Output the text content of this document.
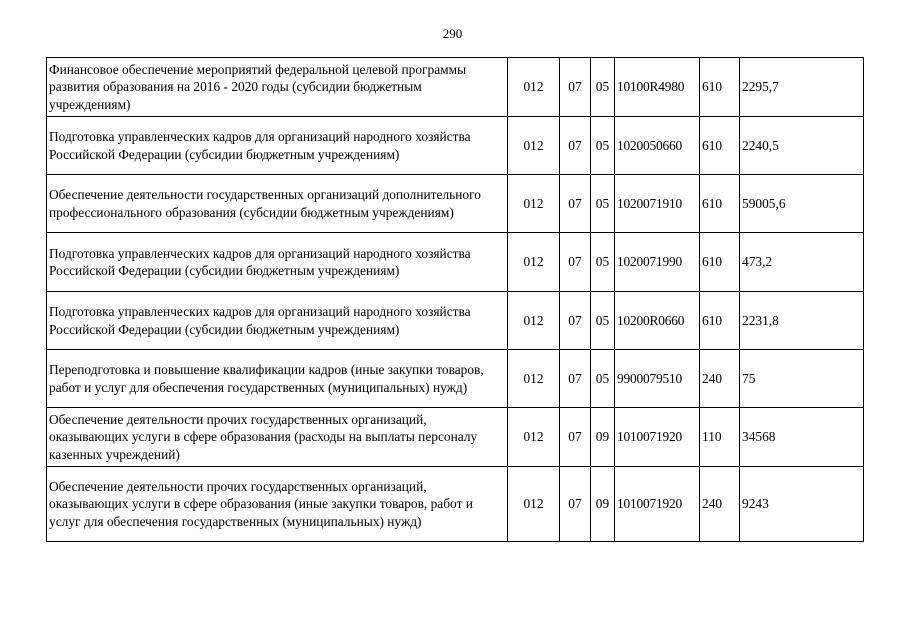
290
Финансовое обеспечение мероприятий федеральной целевой программы развития образования на 2016 - 2020 годы (субсидии бюджетным учреждениям)	012	07	05	10100R4980	610	2295,7
Подготовка управленческих кадров для организаций народного хозяйства Российской Федерации (субсидии бюджетным учреждениям)	012	07	05	1020050660	610	2240,5
Обеспечение деятельности государственных организаций дополнительного профессионального образования (субсидии бюджетным учреждениям)	012	07	05	1020071910	610	59005,6
Подготовка управленческих кадров для организаций народного хозяйства Российской Федерации (субсидии бюджетным учреждениям)	012	07	05	1020071990	610	473,2
Подготовка управленческих кадров для организаций народного хозяйства Российской Федерации (субсидии бюджетным учреждениям)	012	07	05	10200R0660	610	2231,8
Переподготовка и повышение квалификации кадров (иные закупки товаров, работ и услуг для обеспечения государственных (муниципальных) нужд)	012	07	05	9900079510	240	75
Обеспечение деятельности прочих государственных организаций, оказывающих услуги в сфере образования (расходы на выплаты персоналу казенных учреждений)	012	07	09	1010071920	110	34568
Обеспечение деятельности прочих государственных организаций, оказывающих услуги в сфере образования (иные закупки товаров, работ и услуг для обеспечения государственных (муниципальных) нужд)	012	07	09	1010071920	240	9243
